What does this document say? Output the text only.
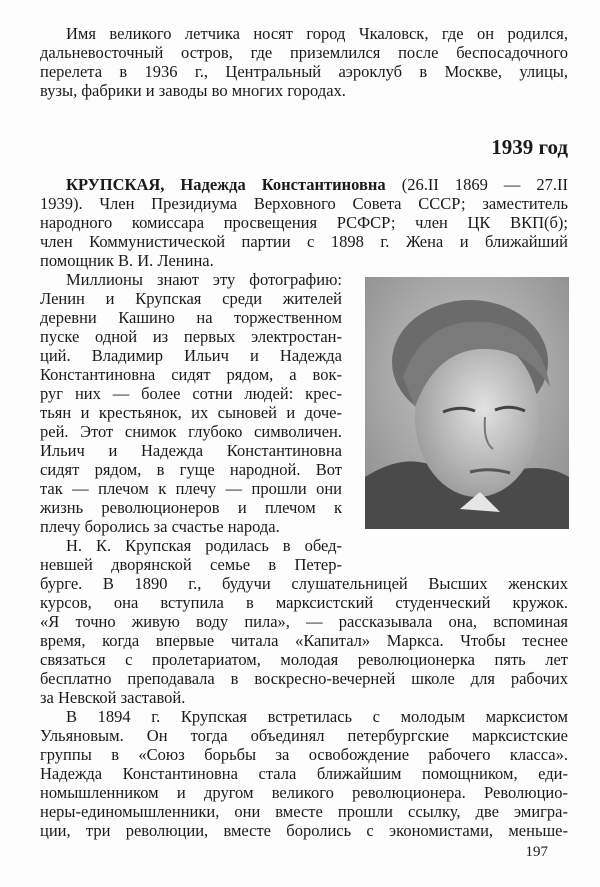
1939 год
197
Имя великого летчика носят город Чкаловск, где он родился,
дальневосточный остров, где приземлился после беспосадочного
перелета в 1936 г., Центральный аэроклуб в Москве, улицы,
вузы, фабрики и заводы во многих городах.
КРУПСКАЯ, Надежда Константиновна (26.II 1869 — 27.II
1939). Член Президиума Верховного Совета СССР; заместитель
народного комиссара просвещения РСФСР; член ЦК ВКП(б);
член Коммунистической партии с 1898 г. Жена и ближайший
помощник В. И. Ленина.
Миллионы знают эту фотографию:
Ленин и Крупская среди жителей
деревни Кашино на торжественном
пуске одной из первых электростан-
ций. Владимир Ильич и Надежда
Константиновна сидят рядом, а вок-
руг них — более сотни людей: крес-
тьян и крестьянок, их сыновей и доче-
рей. Этот снимок глубоко символичен.
Ильич и Надежда Константиновна
сидят рядом, в гуще народной. Вот
так — плечом к плечу — прошли они
жизнь революционеров и плечом к
плечу боролись за счастье народа.
Н. К. Крупская родилась в обед-
невшей дворянской семье в Петер-
бурге. В 1890 г., будучи слушательницей Высших женских
курсов, она вступила в марксистский студенческий кружок.
«Я точно живую воду пила», — рассказывала она, вспоминая
время, когда впервые читала «Капитал» Маркса. Чтобы теснее
связаться с пролетариатом, молодая революционерка пять лет
бесплатно преподавала в воскресно-вечерней школе для рабочих
за Невской заставой.
В 1894 г. Крупская встретилась с молодым марксистом
Ульяновым. Он тогда объединял петербургские марксистские
группы в «Союз борьбы за освобождение рабочего класса».
Надежда Константиновна стала ближайшим помощником, еди-
номышленником и другом великого революционера. Революцио-
неры-единомышленники, они вместе прошли ссылку, две эмигра-
ции, три революции, вместе боролись с экономистами, меньше-
